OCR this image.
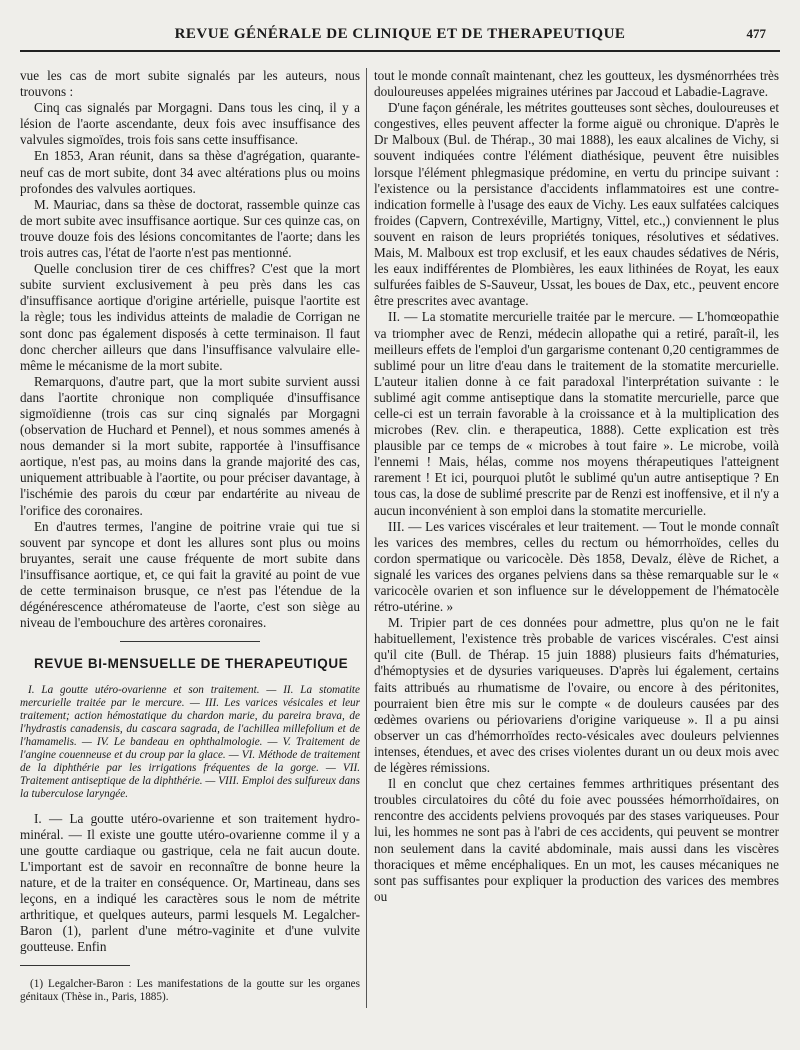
REVUE GÉNÉRALE DE CLINIQUE ET DE THERAPEUTIQUE	477

vue les cas de mort subite signalés par les auteurs, nous trouvons :

Cinq cas signalés par Morgagni. Dans tous les cinq, il y a lésion de l'aorte ascendante, deux fois avec insuffisance des valvules sigmoïdes, trois fois sans cette insuffisance.

En 1853, Aran réunit, dans sa thèse d'agrégation, quarante-neuf cas de mort subite, dont 34 avec altérations plus ou moins profondes des valvules aortiques.

M. Mauriac, dans sa thèse de doctorat, rassemble quinze cas de mort subite avec insuffisance aortique. Sur ces quinze cas, on trouve douze fois des lésions concomitantes de l'aorte; dans les trois autres cas, l'état de l'aorte n'est pas mentionné.

Quelle conclusion tirer de ces chiffres? C'est que la mort subite survient exclusivement à peu près dans les cas d'insuffisance aortique d'origine artérielle, puisque l'aortite est la règle; tous les individus atteints de maladie de Corrigan ne sont donc pas également disposés à cette terminaison. Il faut donc chercher ailleurs que dans l'insuffisance valvulaire elle-même le mécanisme de la mort subite.

Remarquons, d'autre part, que la mort subite survient aussi dans l'aortite chronique non compliquée d'insuffisance sigmoïdienne (trois cas sur cinq signalés par Morgagni (observation de Huchard et Pennel), et nous sommes amenés à nous demander si la mort subite, rapportée à l'insuffisance aortique, n'est pas, au moins dans la grande majorité des cas, uniquement attribuable à l'aortite, ou pour préciser davantage, à l'ischémie des parois du cœur par endartérite au niveau de l'orifice des coronaires.

En d'autres termes, l'angine de poitrine vraie qui tue si souvent par syncope et dont les allures sont plus ou moins bruyantes, serait une cause fréquente de mort subite dans l'insuffisance aortique, et, ce qui fait la gravité au point de vue de cette terminaison brusque, ce n'est pas l'étendue de la dégénérescence athéromateuse de l'aorte, c'est son siège au niveau de l'embouchure des artères coronaires.

REVUE BI-MENSUELLE DE THERAPEUTIQUE

I. La goutte utéro-ovarienne et son traitement. — II. La stomatite mercurielle traitée par le mercure. — III. Les varices vésicales et leur traitement; action hémostatique du chardon marie, du pareira brava, de l'hydrastis canadensis, du cascara sagrada, de l'achillea millefolium et de l'hamamelis. — IV. Le bandeau en ophthalmologie. — V. Traitement de l'angine couenneuse et du croup par la glace. — VI. Méthode de traitement de la diphthérie par les irrigations fréquentes de la gorge. — VII. Traitement antiseptique de la diphthérie. — VIII. Emploi des sulfureux dans la tuberculose laryngée.

I. — La goutte utéro-ovarienne et son traitement hydro-minéral. — Il existe une goutte utéro-ovarienne comme il y a une goutte cardiaque ou gastrique, cela ne fait aucun doute. L'important est de savoir en reconnaître de bonne heure la nature, et de la traiter en conséquence. Or, Martineau, dans ses leçons, en a indiqué les caractères sous le nom de métrite arthritique, et quelques auteurs, parmi lesquels M. Legalcher-Baron (1), parlent d'une métro-vaginite et d'une vulvite goutteuse. Enfin

(1) Legalcher-Baron : Les manifestations de la goutte sur les organes génitaux (Thèse in., Paris, 1885).

tout le monde connaît maintenant, chez les goutteux, les dysménorrhées très douloureuses appelées migraines utérines par Jaccoud et Labadie-Lagrave.

D'une façon générale, les métrites goutteuses sont sèches, douloureuses et congestives, elles peuvent affecter la forme aiguë ou chronique. D'après le Dr Malboux (Bul. de Thérap., 30 mai 1888), les eaux alcalines de Vichy, si souvent indiquées contre l'élément diathésique, peuvent être nuisibles lorsque l'élément phlegmasique prédomine, en vertu du principe suivant : l'existence ou la persistance d'accidents inflammatoires est une contre-indication formelle à l'usage des eaux de Vichy. Les eaux sulfatées calciques froides (Capvern, Contrexéville, Martigny, Vittel, etc.,) conviennent le plus souvent en raison de leurs propriétés toniques, résolutives et sédatives. Mais, M. Malboux est trop exclusif, et les eaux chaudes sédatives de Néris, les eaux indifférentes de Plombières, les eaux lithinées de Royat, les eaux sulfurées faibles de S-Sauveur, Ussat, les boues de Dax, etc., peuvent encore être prescrites avec avantage.

II. — La stomatite mercurielle traitée par le mercure. — L'homœopathie va triompher avec de Renzi, médecin allopathe qui a retiré, paraît-il, les meilleurs effets de l'emploi d'un gargarisme contenant 0,20 centigrammes de sublimé pour un litre d'eau dans le traitement de la stomatite mercurielle. L'auteur italien donne à ce fait paradoxal l'interprétation suivante : le sublimé agit comme antiseptique dans la stomatite mercurielle, parce que celle-ci est un terrain favorable à la croissance et à la multiplication des microbes (Rev. clin. e therapeutica, 1888). Cette explication est très plausible par ce temps de « microbes à tout faire ». Le microbe, voilà l'ennemi ! Mais, hélas, comme nos moyens thérapeutiques l'atteignent rarement ! Et ici, pourquoi plutôt le sublimé qu'un autre antiseptique ? En tous cas, la dose de sublimé prescrite par de Renzi est inoffensive, et il n'y a aucun inconvénient à son emploi dans la stomatite mercurielle.

III. — Les varices viscérales et leur traitement. — Tout le monde connaît les varices des membres, celles du rectum ou hémorrhoïdes, celles du cordon spermatique ou varicocèle. Dès 1858, Devalz, élève de Richet, a signalé les varices des organes pelviens dans sa thèse remarquable sur le « varicocèle ovarien et son influence sur le développement de l'hématocèle rétro-utérine. »

M. Tripier part de ces données pour admettre, plus qu'on ne le fait habituellement, l'existence très probable de varices viscérales. C'est ainsi qu'il cite (Bull. de Thérap. 15 juin 1888) plusieurs faits d'hématuries, d'hémoptysies et de dysuries variqueuses. D'après lui également, certains faits attribués au rhumatisme de l'ovaire, ou encore à des péritonites, pourraient bien être mis sur le compte « de douleurs causées par des œdèmes ovariens ou périovariens d'origine variqueuse ». Il a pu ainsi observer un cas d'hémorrhoïdes recto-vésicales avec douleurs pelviennes intenses, étendues, et avec des crises violentes durant un ou deux mois avec de légères rémissions.

Il en conclut que chez certaines femmes arthritiques présentant des troubles circulatoires du côté du foie avec poussées hémorrhoïdaires, on rencontre des accidents pelviens provoqués par des stases variqueuses. Pour lui, les hommes ne sont pas à l'abri de ces accidents, qui peuvent se montrer non seulement dans la cavité abdominale, mais aussi dans les viscères thoraciques et même encéphaliques. En un mot, les causes mécaniques ne sont pas suffisantes pour expliquer la production des varices des membres ou
